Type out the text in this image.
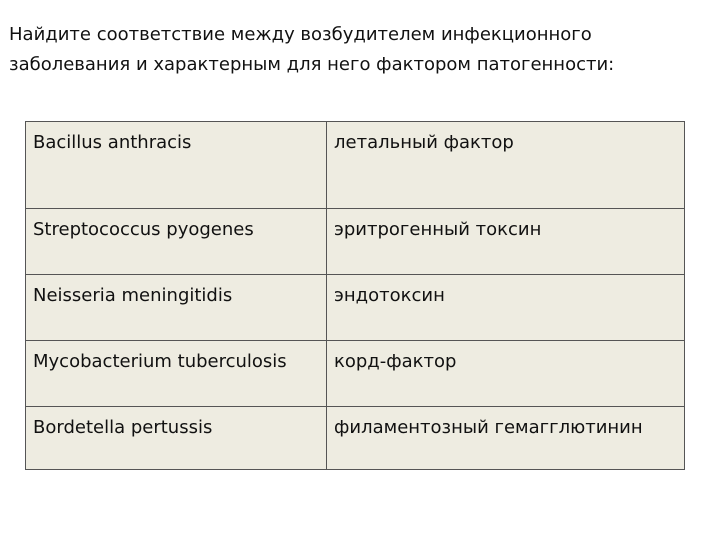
Найдите соответствие между возбудителем инфекционного
заболевания и характерным для него фактором патогенности:
Bacillus anthracis	летальный фактор
Streptococcus pyogenes	эритрогенный токсин
Neisseria meningitidis	эндотоксин
Mycobacterium tuberculosis	корд-фактор
Bordetella pertussis	филаментозный гемагглютинин
